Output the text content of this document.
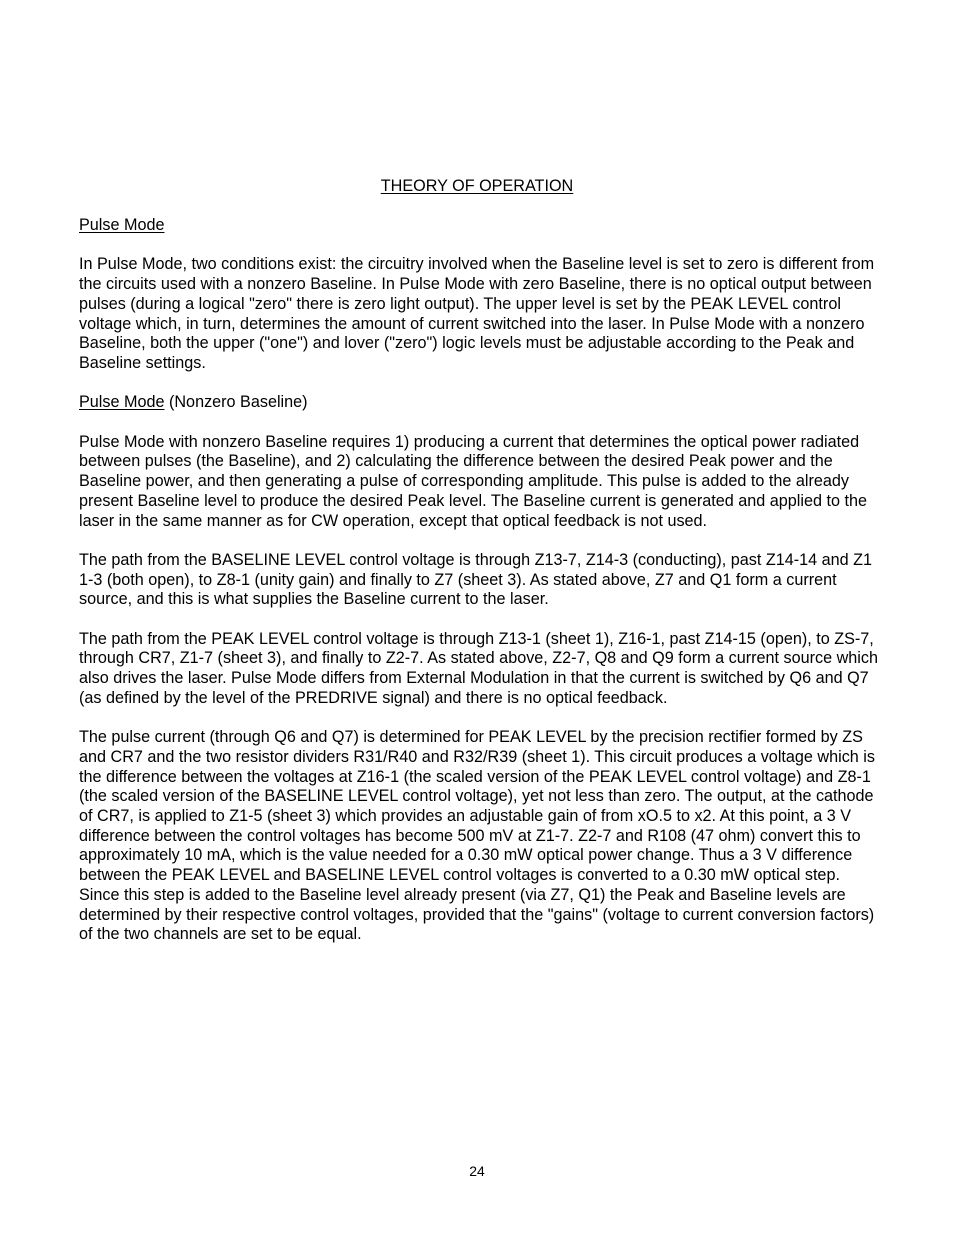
THEORY OF OPERATION

Pulse Mode

In Pulse Mode, two conditions exist: the circuitry involved when the Baseline level is set to zero is different from the circuits used with a nonzero Baseline. In Pulse Mode with zero Baseline, there is no optical output between pulses (during a logical "zero" there is zero light output). The upper level is set by the PEAK LEVEL control voltage which, in turn, determines the amount of current switched into the laser. In Pulse Mode with a nonzero Baseline, both the upper ("one") and lover ("zero") logic levels must be adjustable according to the Peak and Baseline settings.

Pulse Mode (Nonzero Baseline)

Pulse Mode with nonzero Baseline requires 1) producing a current that determines the optical power radiated between pulses (the Baseline), and 2) calculating the difference between the desired Peak power and the Baseline power, and then generating a pulse of corresponding amplitude. This pulse is added to the already present Baseline level to produce the desired Peak level. The Baseline current is generated and applied to the laser in the same manner as for CW operation, except that optical feedback is not used.

The path from the BASELINE LEVEL control voltage is through Z13-7, Z14-3 (conducting), past Z14-14 and Z1 1-3 (both open), to Z8-1 (unity gain) and finally to Z7 (sheet 3). As stated above, Z7 and Q1 form a current source, and this is what supplies the Baseline current to the laser.

The path from the PEAK LEVEL control voltage is through Z13-1 (sheet 1), Z16-1, past Z14-15 (open), to ZS-7, through CR7, Z1-7 (sheet 3), and finally to Z2-7. As stated above, Z2-7, Q8 and Q9 form a current source which also drives the laser. Pulse Mode differs from External Modulation in that the current is switched by Q6 and Q7 (as defined by the level of the PREDRIVE signal) and there is no optical feedback.

The pulse current (through Q6 and Q7) is determined for PEAK LEVEL by the precision rectifier formed by ZS and CR7 and the two resistor dividers R31/R40 and R32/R39 (sheet 1). This circuit produces a voltage which is the difference between the voltages at Z16-1 (the scaled version of the PEAK LEVEL control voltage) and Z8-1 (the scaled version of the BASELINE LEVEL control voltage), yet not less than zero. The output, at the cathode of CR7, is applied to Z1-5 (sheet 3) which provides an adjustable gain of from xO.5 to x2. At this point, a 3 V difference between the control voltages has become 500 mV at Z1-7. Z2-7 and R108 (47 ohm) convert this to approximately 10 mA, which is the value needed for a 0.30 mW optical power change. Thus a 3 V difference between the PEAK LEVEL and BASELINE LEVEL control voltages is converted to a 0.30 mW optical step. Since this step is added to the Baseline level already present (via Z7, Q1) the Peak and Baseline levels are determined by their respective control voltages, provided that the "gains" (voltage to current conversion factors) of the two channels are set to be equal.

24
